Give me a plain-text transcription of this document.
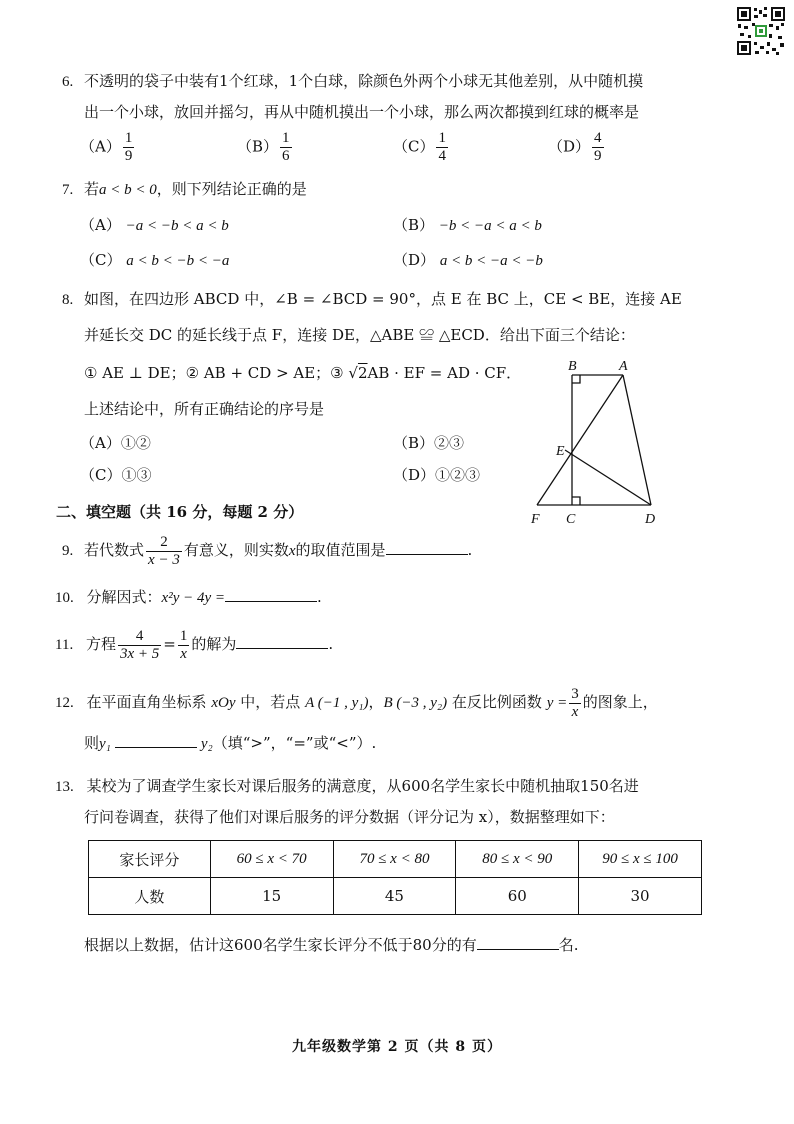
6. 不透明的袋子中装有1个红球，1个白球，除颜色外两个小球无其他差别，从中随机摸
出一个小球，放回并摇匀，再从中随机摸出一个小球，那么两次都摸到红球的概率是
$(A) \frac{1}{9}$	$(B) \frac{1}{6}$	$(C) \frac{1}{4}$	$(D) \frac{4}{9}$
7. 若a < b < 0，则下列结论正确的是
（A） −a < −b < a < b	（B） −b < −a < a < b
（C） a < b < −b < −a	（D） a < b < −a < −b
8. 如图，在四边形 ABCD 中，∠B = ∠BCD = 90°，点 E 在 BC 上，CE < BE，连接 AE
并延长交 DC 的延长线于点 F，连接 DE，△ABE ≌ △ECD．给出下面三个结论：
① AE ⊥ DE；② AB + CD > AE；③ √2AB · EF = AD · CF．
上述结论中，所有正确结论的序号是
（A）①②	（B）②③
（C）①③	（D）①②③
B	A
E
F C	D
二、填空题（共 16 分，每题 2 分）
9. 若代数式 $\frac{2}{x - 3}$ 有意义，则实数x的取值范围是	.
10. 分解因式：x²y − 4y =	.
11. 方程 $\frac{4}{3x + 5} = \frac{1}{x}$ 的解为	.
12. 在平面直角坐标系 xOy 中，若点 A (−1 , y₁)，B (−3 , y₂) 在反比例函数 $y = \frac{3}{x}$ 的图象上，
则y₁	y₂（填“>”，“=”或“<”）.
13. 某校为了调查学生家长对课后服务的满意度，从600名学生家长中随机抽取150名进
行问卷调查，获得了他们对课后服务的评分数据（评分记为 x），数据整理如下：
家长评分	60 ≤ x < 70	70 ≤ x < 80	80 ≤ x < 90	90 ≤ x ≤ 100
人数	15	45	60	30
根据以上数据，估计这600名学生家长评分不低于80分的有	名.
九年级数学第 2 页（共 8 页）
